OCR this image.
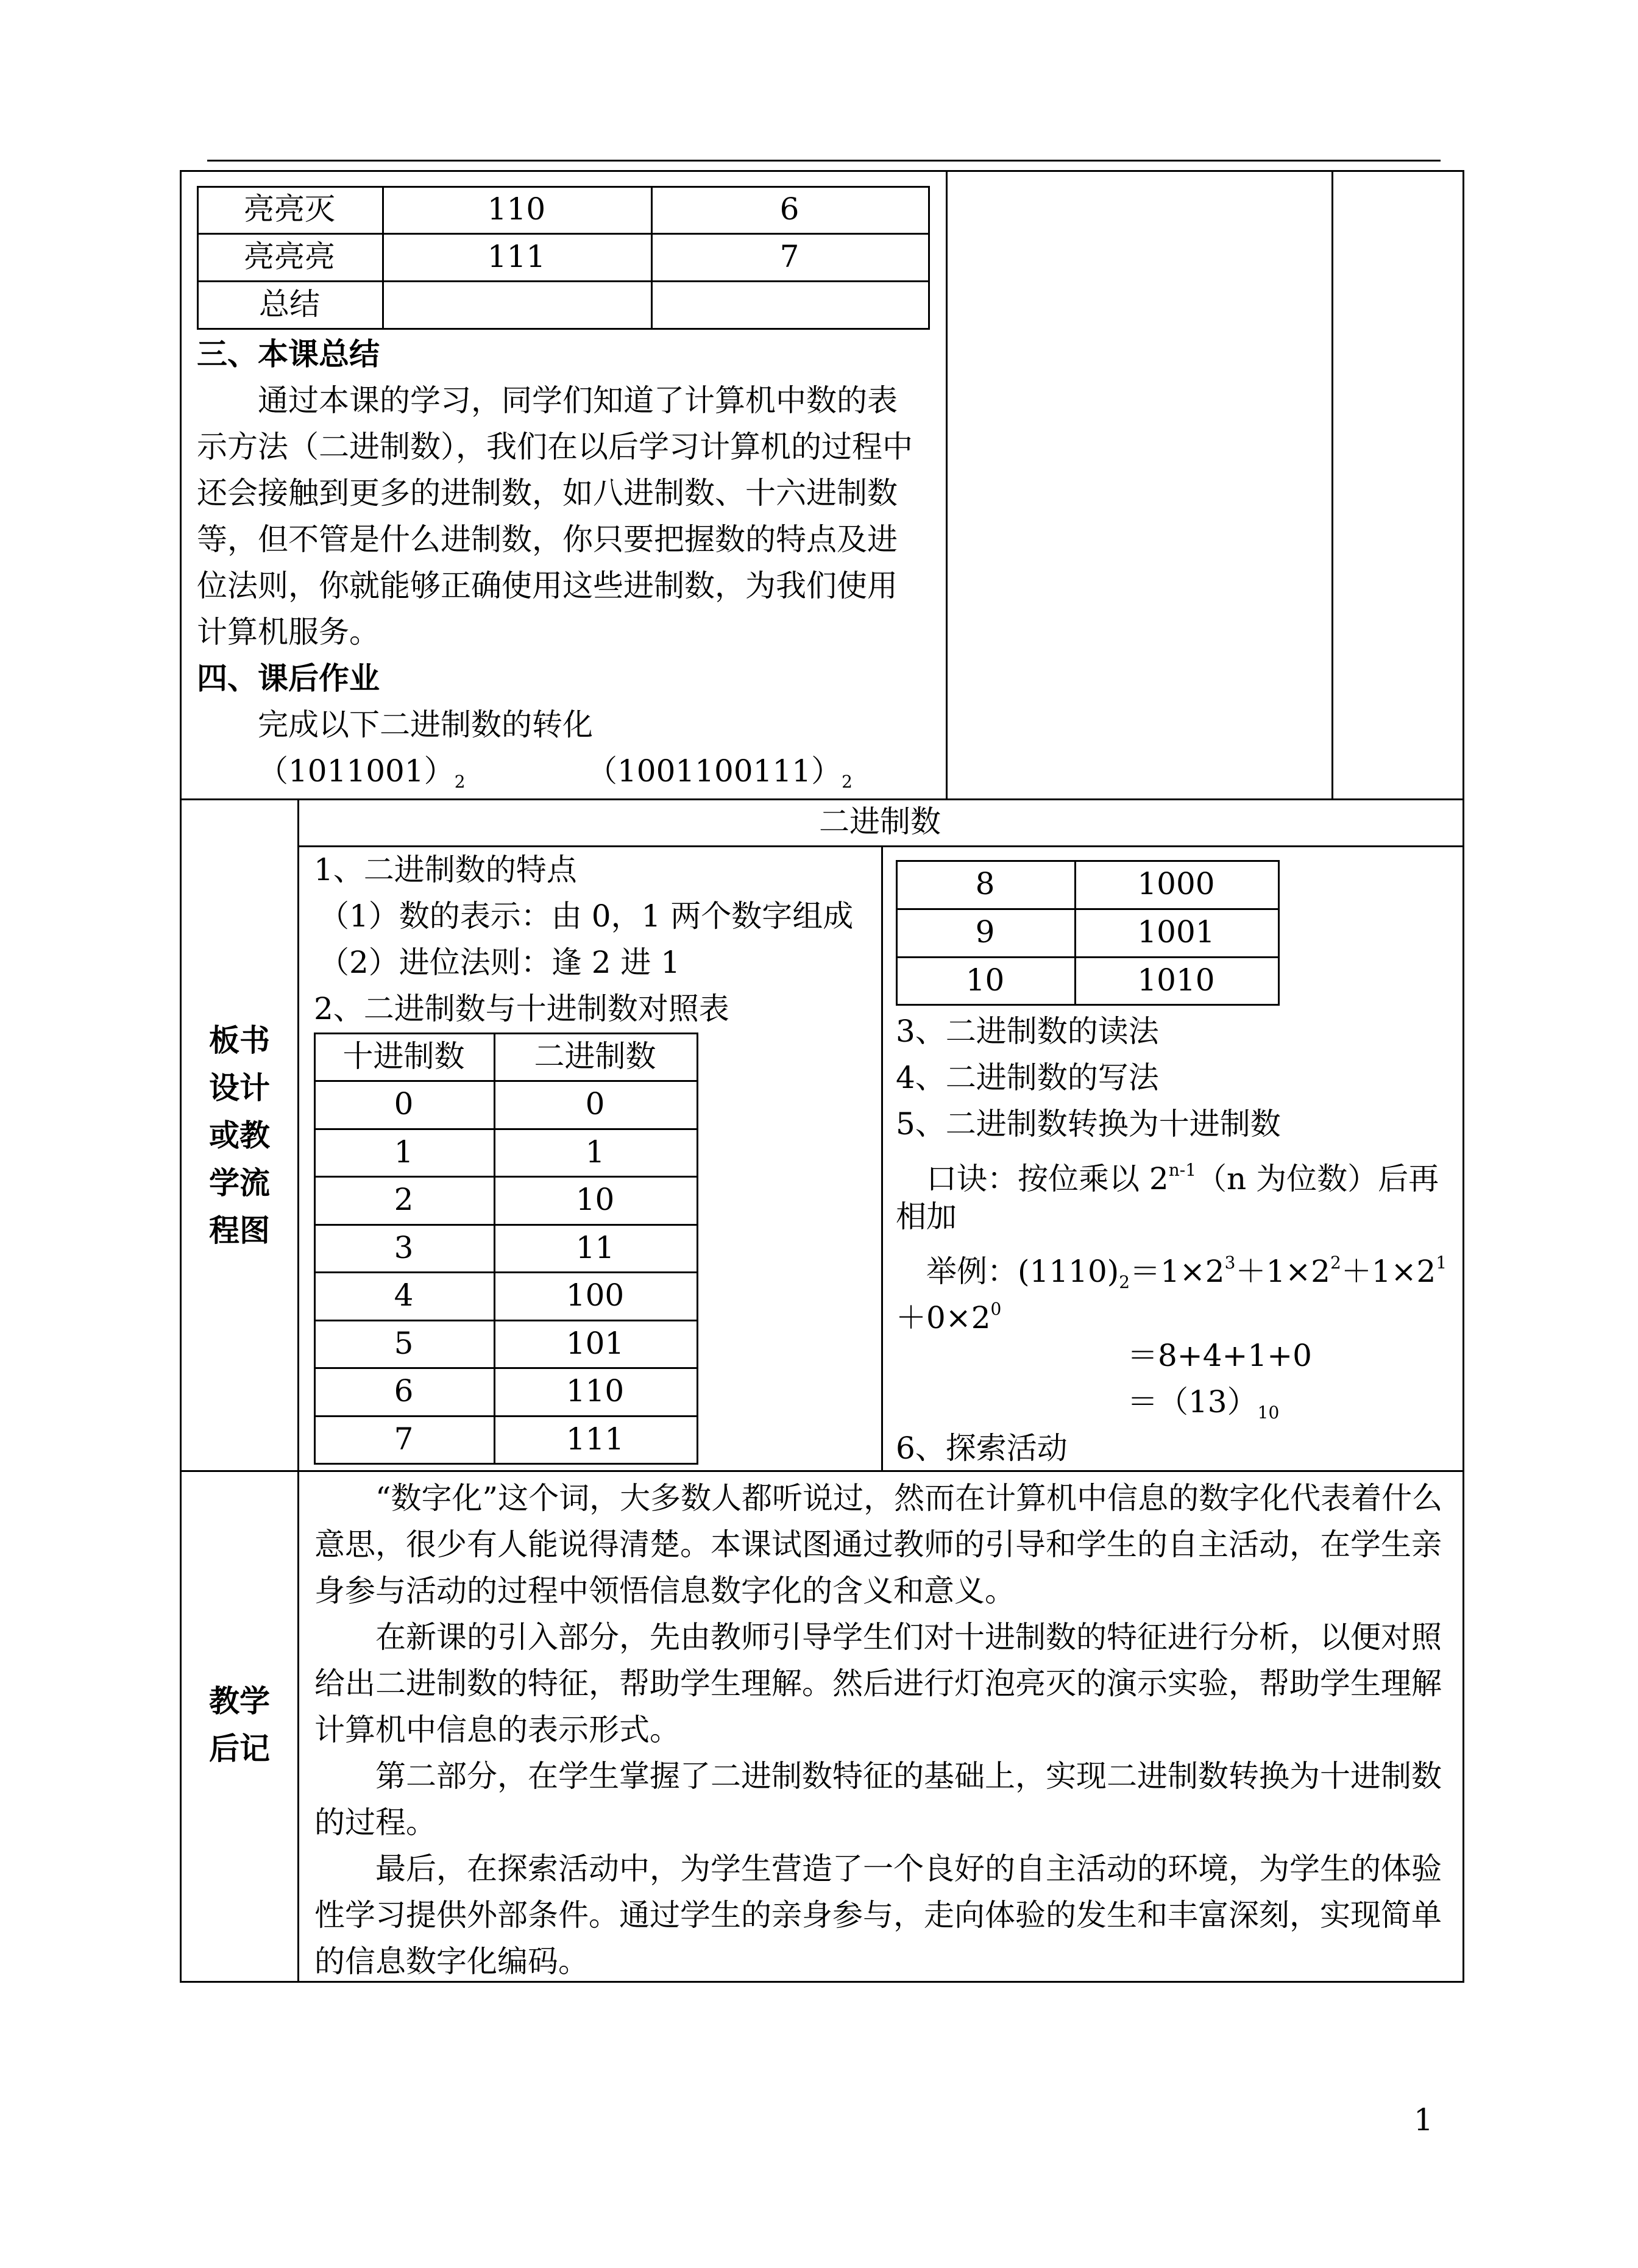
亮亮灭	110	6
亮亮亮	111	7
总结
三、本课总结
通过本课的学习，同学们知道了计算机中数的表
示方法（二进制数），我们在以后学习计算机的过程中
还会接触到更多的进制数，如八进制数、十六进制数
等，但不管是什么进制数，你只要把握数的特点及进
位法则，你就能够正确使用这些进制数，为我们使用
计算机服务。
四、课后作业
完成以下二进制数的转化
$(1011001)_2$	$(1001100111)_2$
板书
设计
或教
学流
程图
二进制数
1、二进制数的特点
（1）数的表示：由 0，1 两个数字组成
（2）进位法则：逢 2 进 1
2、二进制数与十进制数对照表
十进制数	二进制数
0	0
1	1
2	10
3	11
4	100
5	101
6	110
7	111
8	1000
9	1001
10	1010
3、二进制数的读法
4、二进制数的写法
5、二进制数转换为十进制数
口诀：按位乘以 2$^{n-1}$（n 为位数）后再
相加
举例：$(1110)_2=1\times 2^3+1\times 2^2+1\times 2^1$
$+0\times 2^0$
＝8+4+1+0
$=(13)_{10}$
6、探索活动
教学
后记
“数字化”这个词，大多数人都听说过，然而在计算机中信息的数字化代表着什么意思，很少有人能说得清楚。本课试图通过教师的引导和学生的自主活动，在学生亲身参与活动的过程中领悟信息数字化的含义和意义。
在新课的引入部分，先由教师引导学生们对十进制数的特征进行分析，以便对照给出二进制数的特征，帮助学生理解。然后进行灯泡亮灭的演示实验，帮助学生理解计算机中信息的表示形式。
第二部分，在学生掌握了二进制数特征的基础上，实现二进制数转换为十进制数的过程。
最后，在探索活动中，为学生营造了一个良好的自主活动的环境，为学生的体验性学习提供外部条件。通过学生的亲身参与，走向体验的发生和丰富深刻，实现简单的信息数字化编码。
1
